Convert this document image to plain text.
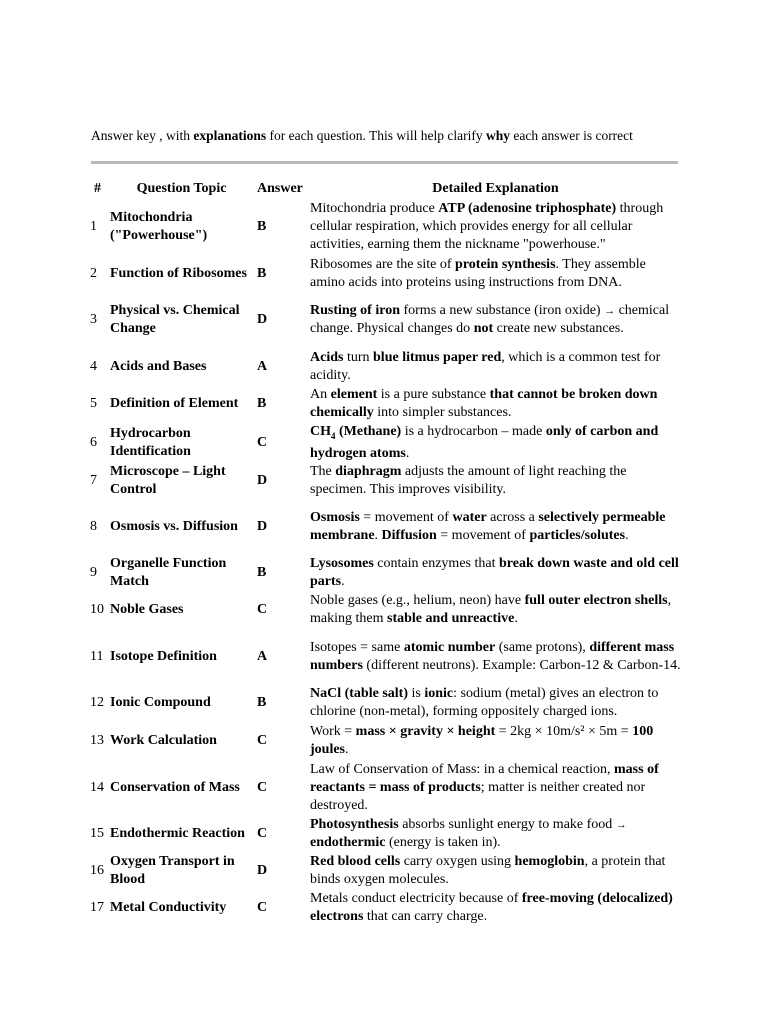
Answer key , with explanations for each question. This will help clarify why each answer is correct
#	Question Topic	Answer	Detailed Explanation
1	Mitochondria ("Powerhouse")	B	Mitochondria produce ATP (adenosine triphosphate) through cellular respiration, which provides energy for all cellular activities, earning them the nickname "powerhouse."
2	Function of Ribosomes	B	Ribosomes are the site of protein synthesis. They assemble amino acids into proteins using instructions from DNA.
3	Physical vs. Chemical Change	D	Rusting of iron forms a new substance (iron oxide) → chemical change. Physical changes do not create new substances.
4	Acids and Bases	A	Acids turn blue litmus paper red, which is a common test for acidity.
5	Definition of Element	B	An element is a pure substance that cannot be broken down chemically into simpler substances.
6	Hydrocarbon Identification	C	$CH_4$ (Methane) is a hydrocarbon – made only of carbon and hydrogen atoms.
7	Microscope – Light Control	D	The diaphragm adjusts the amount of light reaching the specimen. This improves visibility.
8	Osmosis vs. Diffusion	D	Osmosis = movement of water across a selectively permeable membrane. Diffusion = movement of particles/solutes.
9	Organelle Function Match	B	Lysosomes contain enzymes that break down waste and old cell parts.
10	Noble Gases	C	Noble gases (e.g., helium, neon) have full outer electron shells, making them stable and unreactive.
11	Isotope Definition	A	Isotopes = same atomic number (same protons), different mass numbers (different neutrons). Example: Carbon-12 & Carbon-14.
12	Ionic Compound	B	NaCl (table salt) is ionic: sodium (metal) gives an electron to chlorine (non-metal), forming oppositely charged ions.
13	Work Calculation	C	Work = mass × gravity × height = 2kg × 10m/s² × 5m = 100 joules.
14	Conservation of Mass	C	Law of Conservation of Mass: in a chemical reaction, mass of reactants = mass of products; matter is neither created nor destroyed.
15	Endothermic Reaction	C	Photosynthesis absorbs sunlight energy to make food → endothermic (energy is taken in).
16	Oxygen Transport in Blood	D	Red blood cells carry oxygen using hemoglobin, a protein that binds oxygen molecules.
17	Metal Conductivity	C	Metals conduct electricity because of free-moving (delocalized) electrons that can carry charge.
